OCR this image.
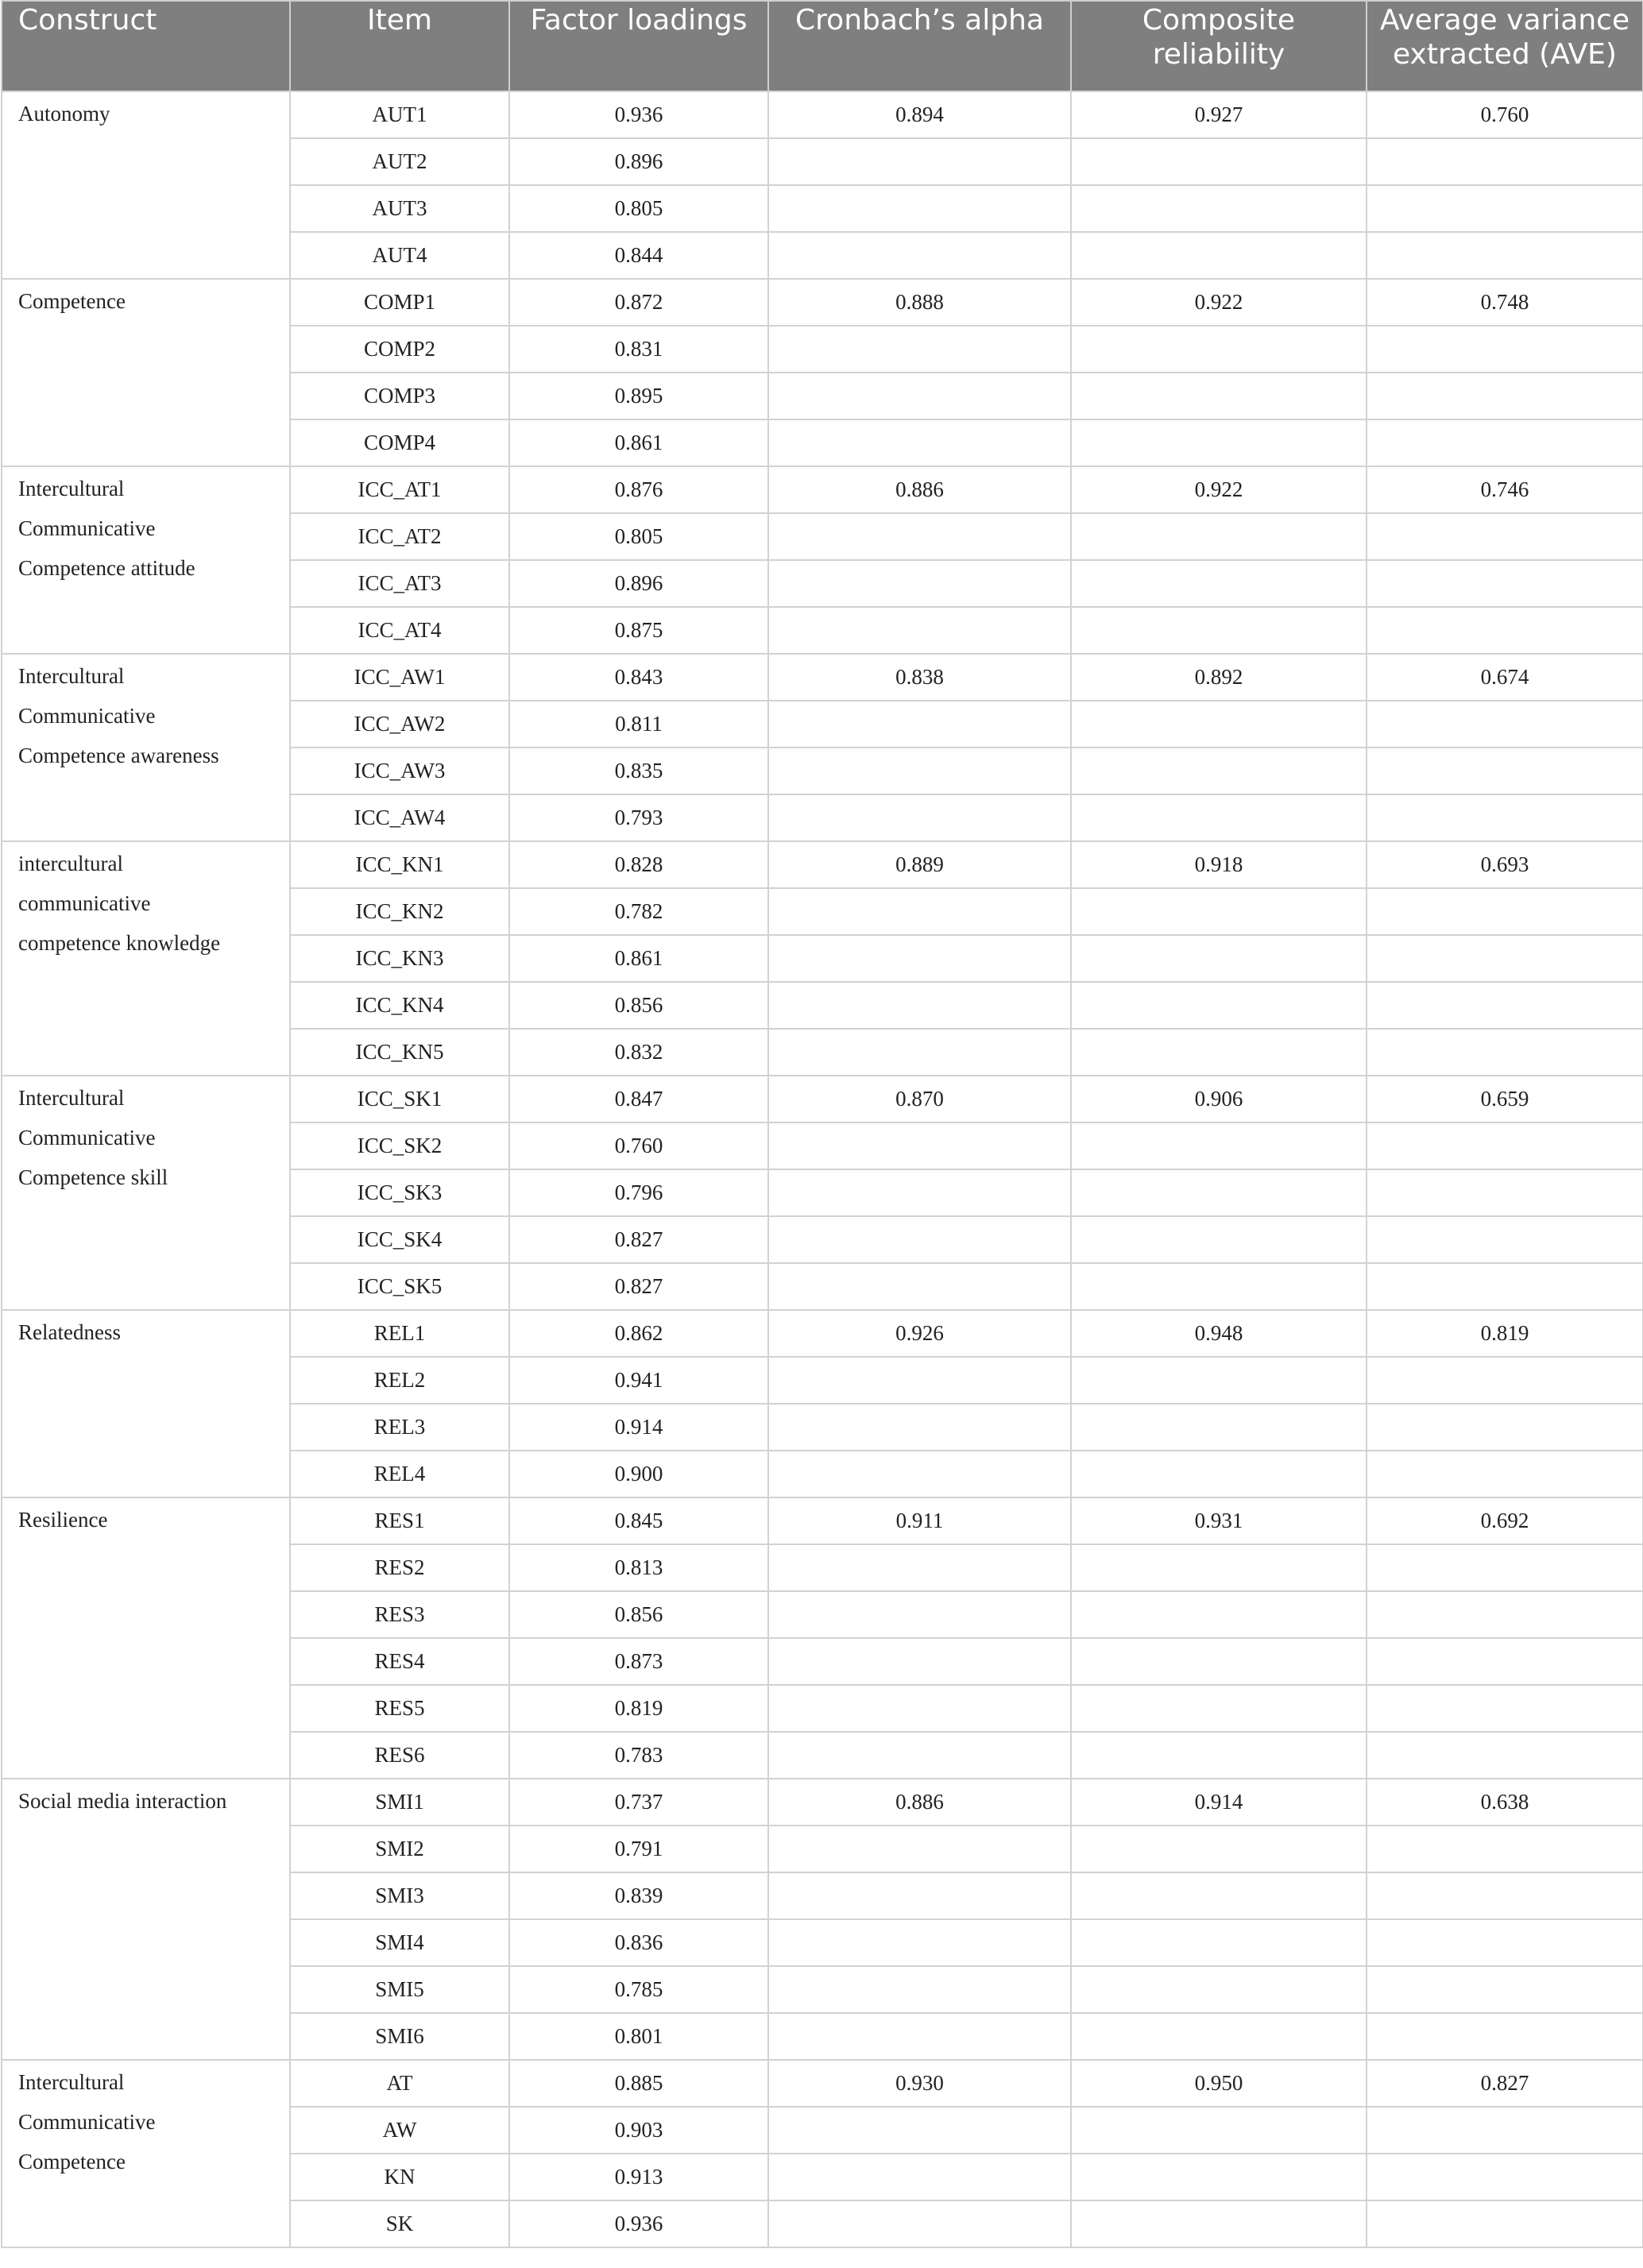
Construct	Item	Factor loadings	Cronbach’s alpha	Composite
reliability	Average variance
extracted (AVE)

Autonomy	AUT1	0.936	0.894	0.927	0.760
	AUT2	0.896			
	AUT3	0.805			
	AUT4	0.844			

Competence	COMP1	0.872	0.888	0.922	0.748
	COMP2	0.831			
	COMP3	0.895			
	COMP4	0.861			

Intercultural
Communicative
Competence attitude	ICC_AT1	0.876	0.886	0.922	0.746
	ICC_AT2	0.805			
	ICC_AT3	0.896			
	ICC_AT4	0.875			

Intercultural
Communicative
Competence awareness	ICC_AW1	0.843	0.838	0.892	0.674
	ICC_AW2	0.811			
	ICC_AW3	0.835			
	ICC_AW4	0.793			

intercultural
communicative
competence knowledge	ICC_KN1	0.828	0.889	0.918	0.693
	ICC_KN2	0.782			
	ICC_KN3	0.861			
	ICC_KN4	0.856			
	ICC_KN5	0.832			

Intercultural
Communicative
Competence skill	ICC_SK1	0.847	0.870	0.906	0.659
	ICC_SK2	0.760			
	ICC_SK3	0.796			
	ICC_SK4	0.827			
	ICC_SK5	0.827			

Relatedness	REL1	0.862	0.926	0.948	0.819
	REL2	0.941			
	REL3	0.914			
	REL4	0.900			

Resilience	RES1	0.845	0.911	0.931	0.692
	RES2	0.813			
	RES3	0.856			
	RES4	0.873			
	RES5	0.819			
	RES6	0.783			

Social media interaction	SMI1	0.737	0.886	0.914	0.638
	SMI2	0.791			
	SMI3	0.839			
	SMI4	0.836			
	SMI5	0.785			
	SMI6	0.801			

Intercultural
Communicative
Competence	AT	0.885	0.930	0.950	0.827
	AW	0.903			
	KN	0.913			
	SK	0.936			
